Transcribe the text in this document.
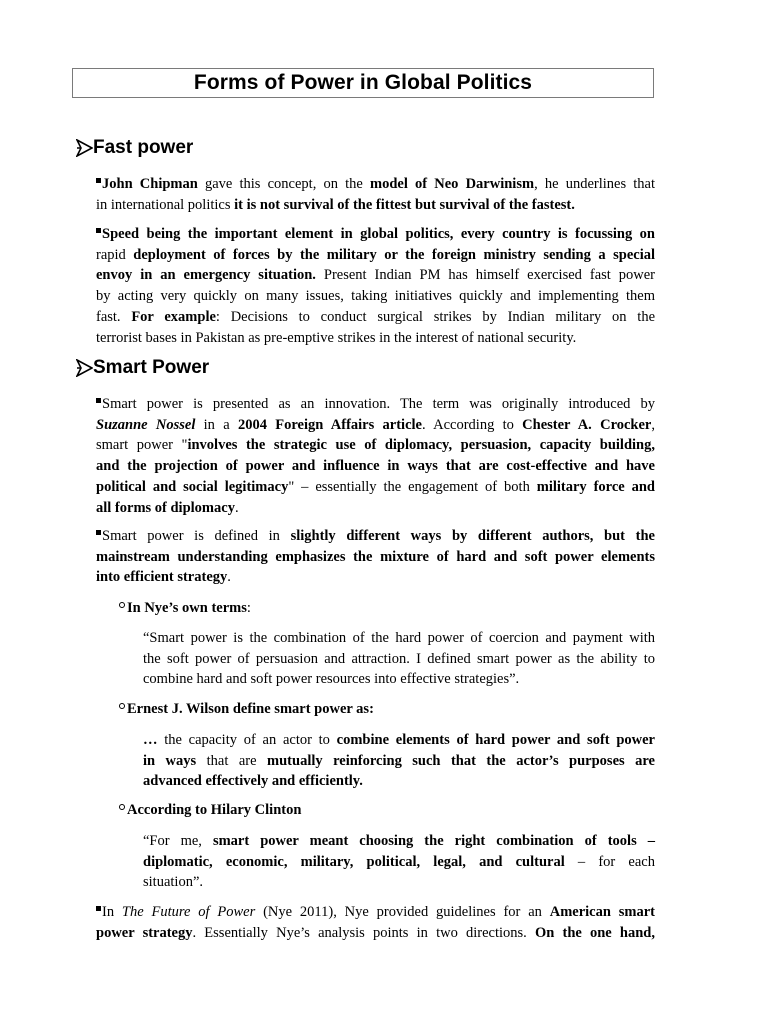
Forms of Power in Global Politics
Fast power
John Chipman gave this concept, on the model of Neo Darwinism, he underlines that
in international politics it is not survival of the fittest but survival of the fastest.
Speed being the important element in global politics, every country is focussing on
rapid deployment of forces by the military or the foreign ministry sending a special
envoy in an emergency situation. Present Indian PM has himself exercised fast power
by acting very quickly on many issues, taking initiatives quickly and implementing them
fast. For example: Decisions to conduct surgical strikes by Indian military on the
terrorist bases in Pakistan as pre-emptive strikes in the interest of national security.
Smart Power
Smart power is presented as an innovation. The term was originally introduced by
Suzanne Nossel in a 2004 Foreign Affairs article. According to Chester A. Crocker,
smart power "involves the strategic use of diplomacy, persuasion, capacity building,
and the projection of power and influence in ways that are cost-effective and have
political and social legitimacy" – essentially the engagement of both military force and
all forms of diplomacy.
Smart power is defined in slightly different ways by different authors, but the
mainstream understanding emphasizes the mixture of hard and soft power elements
into efficient strategy.
In Nye’s own terms:
“Smart power is the combination of the hard power of coercion and payment with
the soft power of persuasion and attraction. I defined smart power as the ability to
combine hard and soft power resources into effective strategies”.
Ernest J. Wilson define smart power as:
… the capacity of an actor to combine elements of hard power and soft power
in ways that are mutually reinforcing such that the actor’s purposes are
advanced effectively and efficiently.
According to Hilary Clinton
“For me, smart power meant choosing the right combination of tools –
diplomatic, economic, military, political, legal, and cultural – for each
situation”.
In The Future of Power (Nye 2011), Nye provided guidelines for an American smart
power strategy. Essentially Nye’s analysis points in two directions. On the one hand,
